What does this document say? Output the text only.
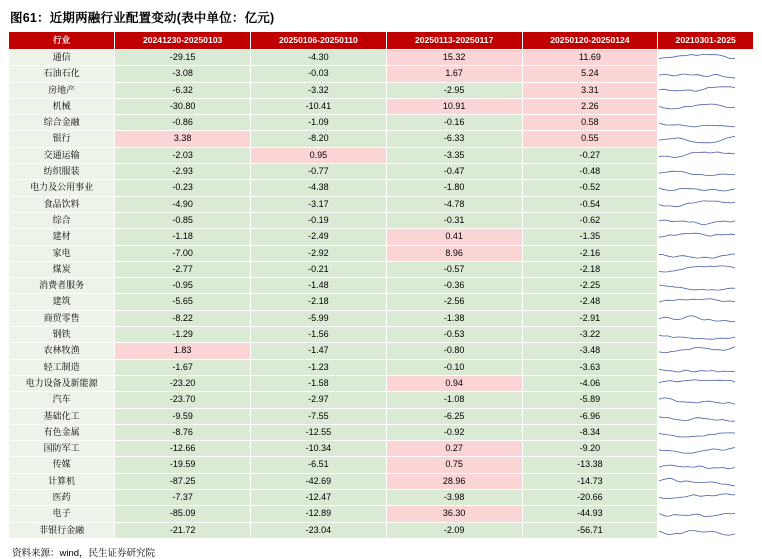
图61：近期两融行业配置变动(表中单位：亿元)
行业	20241230-20250103	20250106-20250110	20250113-20250117	20250120-20250124	20210301-2025
通信	-29.15	-4.30	15.32	11.69	

石油石化	-3.08	-0.03	1.67	5.24	

房地产	-6.32	-3.32	-2.95	3.31	

机械	-30.80	-10.41	10.91	2.26	

综合金融	-0.86	-1.09	-0.16	0.58	

银行	3.38	-8.20	-6.33	0.55	

交通运输	-2.03	0.95	-3.35	-0.27	

纺织服装	-2.93	-0.77	-0.47	-0.48	

电力及公用事业	-0.23	-4.38	-1.80	-0.52	

食品饮料	-4.90	-3.17	-4.78	-0.54	

综合	-0.85	-0.19	-0.31	-0.62	

建材	-1.18	-2.49	0.41	-1.35	

家电	-7.00	-2.92	8.96	-2.16	

煤炭	-2.77	-0.21	-0.57	-2.18	

消费者服务	-0.95	-1.48	-0.36	-2.25	

建筑	-5.65	-2.18	-2.56	-2.48	

商贸零售	-8.22	-5.99	-1.38	-2.91	

钢铁	-1.29	-1.56	-0.53	-3.22	

农林牧渔	1.83	-1.47	-0.80	-3.48	

轻工制造	-1.67	-1.23	-0.10	-3.63	

电力设备及新能源	-23.20	-1.58	0.94	-4.06	

汽车	-23.70	-2.97	-1.08	-5.89	

基础化工	-9.59	-7.55	-6.25	-6.96	

有色金属	-8.76	-12.55	-0.92	-8.34	

国防军工	-12.66	-10.34	0.27	-9.20	

传媒	-19.59	-6.51	0.75	-13.38	

计算机	-87.25	-42.69	28.96	-14.73	

医药	-7.37	-12.47	-3.98	-20.66	

电子	-85.09	-12.89	36.30	-44.93	

非银行金融	-21.72	-23.04	-2.09	-56.71	
资料来源：wind，民生证券研究院
